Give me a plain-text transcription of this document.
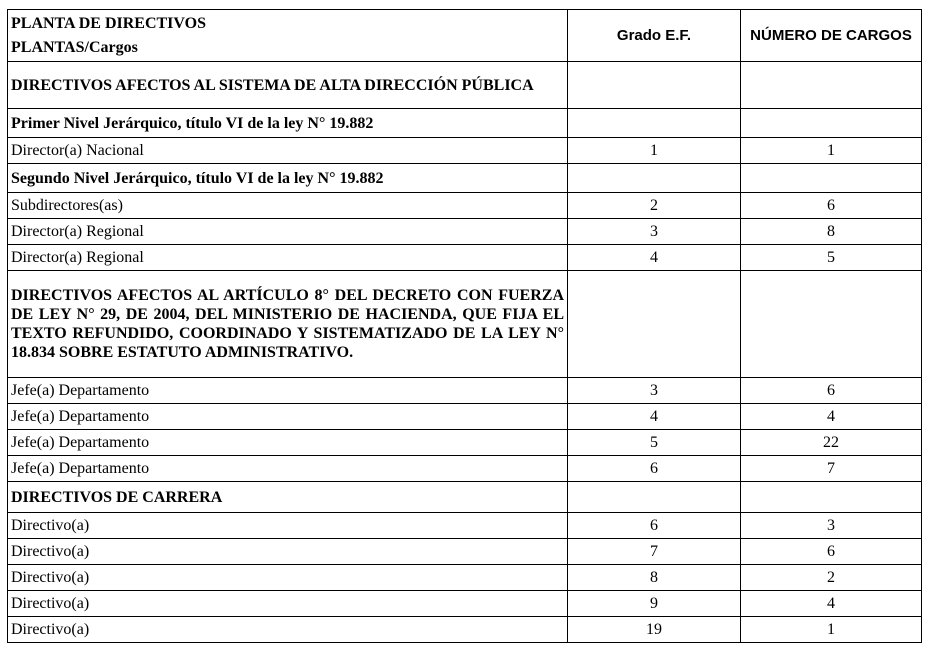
PLANTA DE DIRECTIVOS
PLANTAS/Cargos	Grado E.F.	NÚMERO DE CARGOS
DIRECTIVOS AFECTOS AL SISTEMA DE ALTA DIRECCIÓN PÚBLICA		
Primer Nivel Jerárquico, título VI de la ley N° 19.882		
Director(a) Nacional	1	1
Segundo Nivel Jerárquico, título VI de la ley N° 19.882		
Subdirectores(as)	2	6
Director(a) Regional	3	8
Director(a) Regional	4	5
DIRECTIVOS AFECTOS AL ARTÍCULO 8° DEL DECRETO CON FUERZA DE LEY N° 29, DE 2004, DEL MINISTERIO DE HACIENDA, QUE FIJA EL TEXTO REFUNDIDO, COORDINADO Y SISTEMATIZADO DE LA LEY N° 18.834 SOBRE ESTATUTO ADMINISTRATIVO.		
Jefe(a) Departamento	3	6
Jefe(a) Departamento	4	4
Jefe(a) Departamento	5	22
Jefe(a) Departamento	6	7
DIRECTIVOS DE CARRERA		
Directivo(a)	6	3
Directivo(a)	7	6
Directivo(a)	8	2
Directivo(a)	9	4
Directivo(a)	19	1
